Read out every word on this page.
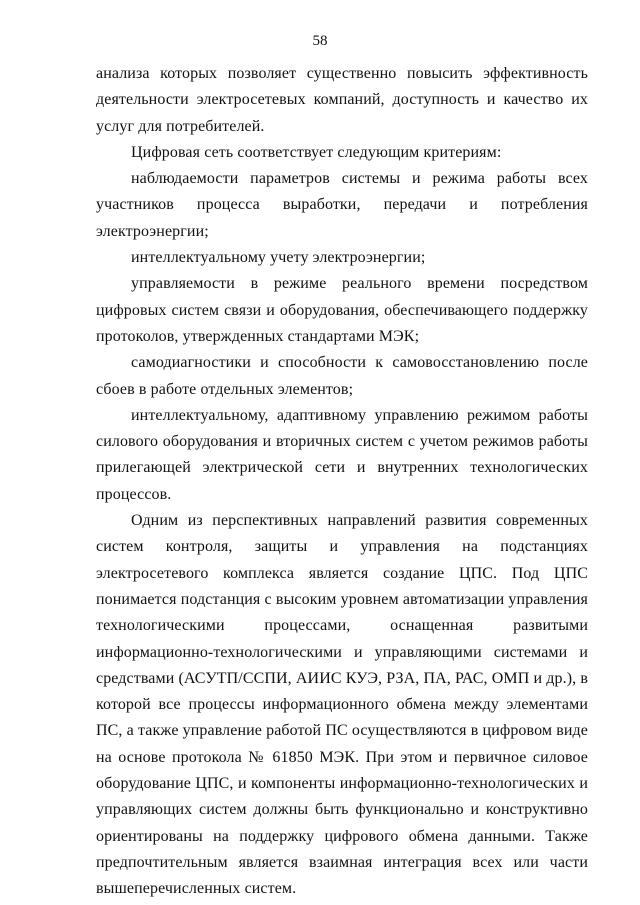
58

анализа которых позволяет существенно повысить эффективность деятельности электросетевых компаний, доступность и качество их услуг для потребителей.

Цифровая сеть соответствует следующим критериям:

наблюдаемости параметров системы и режима работы всех участников процесса выработки, передачи и потребления электроэнергии;

интеллектуальному учету электроэнергии;

управляемости в режиме реального времени посредством цифровых систем связи и оборудования, обеспечивающего поддержку протоколов, утвержденных стандартами МЭК;

самодиагностики и способности к самовосстановлению после сбоев в работе отдельных элементов;

интеллектуальному, адаптивному управлению режимом работы силового оборудования и вторичных систем с учетом режимов работы прилегающей электрической сети и внутренних технологических процессов.

Одним из перспективных направлений развития современных систем контроля, защиты и управления на подстанциях электросетевого комплекса является создание ЦПС. Под ЦПС понимается подстанция с высоким уровнем автоматизации управления технологическими процессами, оснащенная развитыми информационно-технологическими и управляющими системами и средствами (АСУТП/ССПИ, АИИС КУЭ, РЗА, ПА, РАС, ОМП и др.), в которой все процессы информационного обмена между элементами ПС, а также управление работой ПС осуществляются в цифровом виде на основе протокола № 61850 МЭК. При этом и первичное силовое оборудование ЦПС, и компоненты информационно-технологических и управляющих систем должны быть функционально и конструктивно ориентированы на поддержку цифрового обмена данными. Также предпочтительным является взаимная интеграция всех или части вышеперечисленных систем.
